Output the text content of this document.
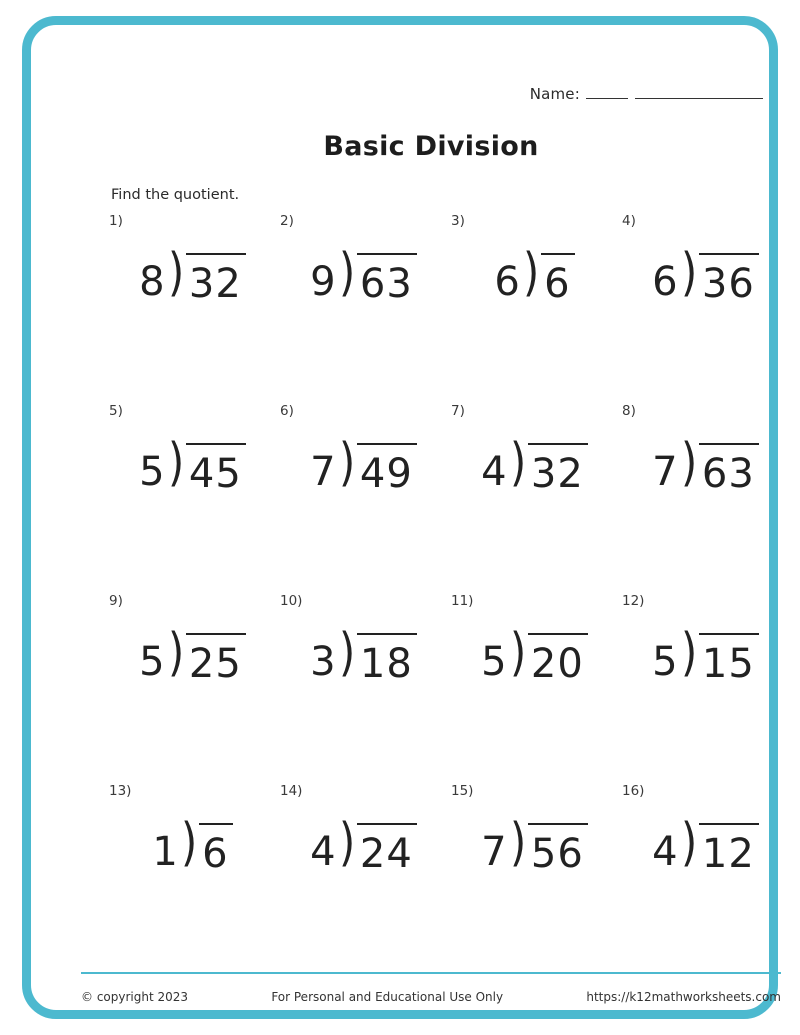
Name:
Basic Division
Find the quotient.
1)
8 ) 32
2)
9 ) 63
3)
6 ) 6
4)
6 ) 36
5)
5 ) 45
6)
7 ) 49
7)
4 ) 32
8)
7 ) 63
9)
5 ) 25
10)
3 ) 18
11)
5 ) 20
12)
5 ) 15
13)
1 ) 6
14)
4 ) 24
15)
7 ) 56
16)
4 ) 12
© copyright 2023	For Personal and Educational Use Only	https://k12mathworksheets.com
